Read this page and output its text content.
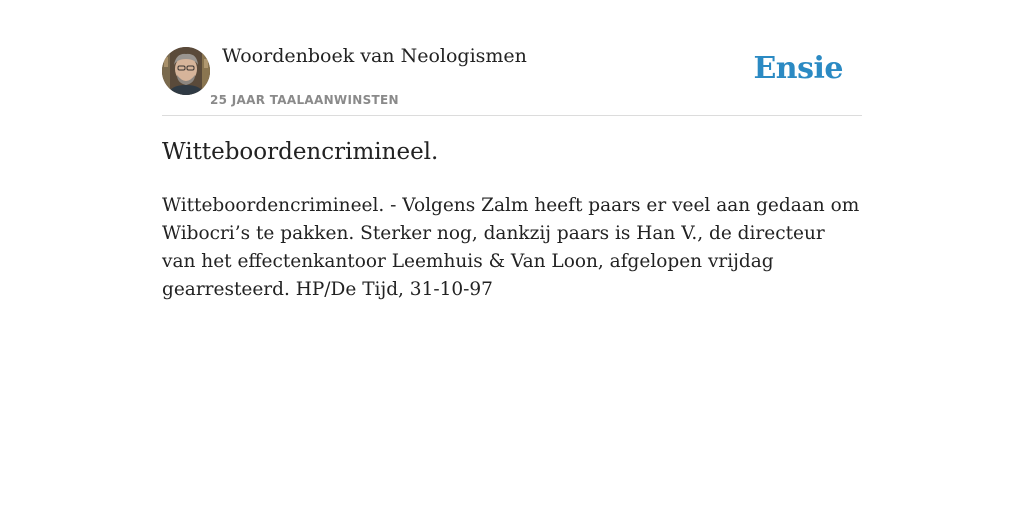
Woordenboek van Neologismen
25 JAAR TAALAANWINSTEN
Ensie
Witteboordencrimineel.

Witteboordencrimineel. - Volgens Zalm heeft paars er veel aan gedaan om Wibocri’s te pakken. Sterker nog, dankzij paars is Han V., de directeur van het effectenkantoor Leemhuis & Van Loon, afgelopen vrijdag gearresteerd. HP/De Tijd, 31-10-97
